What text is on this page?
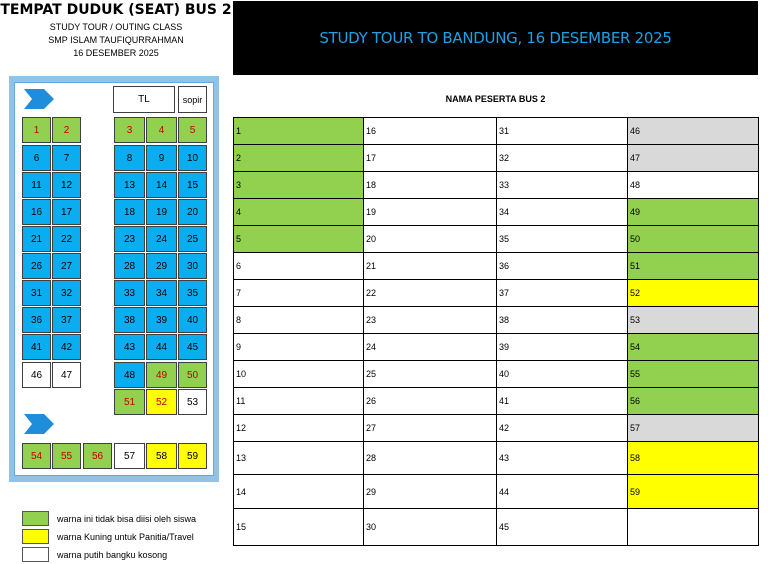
TEMPAT DUDUK (SEAT) BUS 2
STUDY TOUR / OUTING CLASS
SMP ISLAM TAUFIQURRAHMAN
16 DESEMBER 2025
STUDY TOUR TO BANDUNG, 16 DESEMBER 2025
TL	sopir
1	2	3	4	5
6	7	8	9	10
11	12	13	14	15
16	17	18	19	20
21	22	23	24	25
26	27	28	29	30
31	32	33	34	35
36	37	38	39	40
41	42	43	44	45
46	47	48	49	50
51	52	53
54	55	56	57	58	59
warna ini tidak bisa diisi oleh siswa
warna Kuning untuk Panitia/Travel
warna putih bangku kosong
NAMA PESERTA BUS 2
1	16	31	46
2	17	32	47
3	18	33	48
4	19	34	49
5	20	35	50
6	21	36	51
7	22	37	52
8	23	38	53
9	24	39	54
10	25	40	55
11	26	41	56
12	27	42	57
13	28	43	58
14	29	44	59
15	30	45	
